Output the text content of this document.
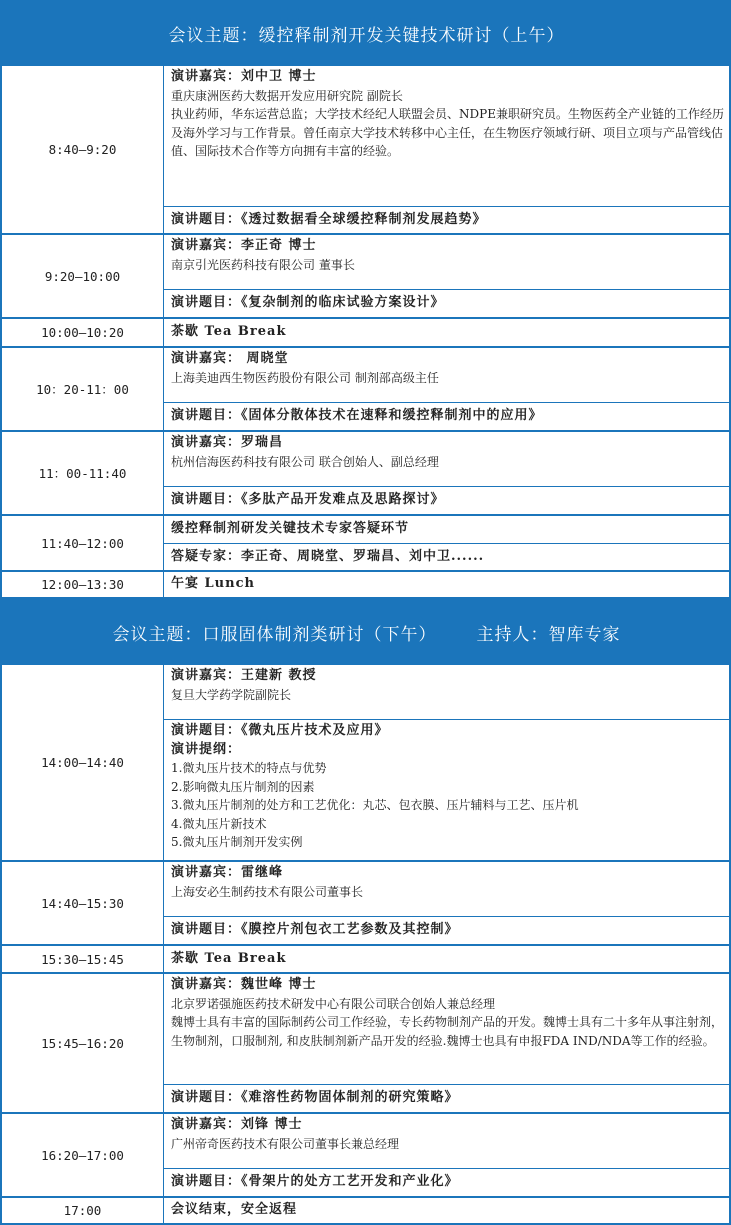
会议主题：缓控释制剂开发关键技术研讨（上午）
8:40—9:20
演讲嘉宾：刘中卫 博士
重庆康洲医药大数据开发应用研究院 副院长
执业药师，华东运营总监；大学技术经纪人联盟会员、NDPE兼职研究员。生物医药全产业链的工作经历及海外学习与工作背景。曾任南京大学技术转移中心主任，在生物医疗领域行研、项目立项与产品管线估值、国际技术合作等方向拥有丰富的经验。
演讲题目：《透过数据看全球缓控释制剂发展趋势》
9:20—10:00
演讲嘉宾：李正奇 博士
南京引光医药科技有限公司 董事长
演讲题目：《复杂制剂的临床试验方案设计》
10:00—10:20	茶歇 Tea Break
10：20-11：00
演讲嘉宾： 周晓堂
上海美迪西生物医药股份有限公司 制剂部高级主任
演讲题目：《固体分散体技术在速释和缓控释制剂中的应用》
11：00-11:40
演讲嘉宾：罗瑞昌
杭州信海医药科技有限公司 联合创始人、副总经理
演讲题目：《多肽产品开发难点及思路探讨》
11:40—12:00
缓控释制剂研发关键技术专家答疑环节
答疑专家：李正奇、周晓堂、罗瑞昌、刘中卫......
12:00—13:30	午宴 Lunch
会议主题：口服固体制剂类研讨（下午） 主持人：智库专家
14:00—14:40
演讲嘉宾：王建新 教授
复旦大学药学院副院长
演讲题目：《微丸压片技术及应用》
演讲提纲：
1.微丸压片技术的特点与优势
2.影响微丸压片制剂的因素
3.微丸压片制剂的处方和工艺优化：丸芯、包衣膜、压片辅料与工艺、压片机
4.微丸压片新技术
5.微丸压片制剂开发实例
14:40—15:30
演讲嘉宾：雷继峰
上海安必生制药技术有限公司董事长
演讲题目：《膜控片剂包衣工艺参数及其控制》
15:30—15:45	茶歇 Tea Break
15:45—16:20
演讲嘉宾：魏世峰 博士
北京罗诺强施医药技术研发中心有限公司联合创始人兼总经理
魏博士具有丰富的国际制药公司工作经验，专长药物制剂产品的开发。魏博士具有二十多年从事注射剂，生物制剂，口服制剂, 和皮肤制剂新产品开发的经验.魏博士也具有申报FDA IND/NDA等工作的经验。
演讲题目：《难溶性药物固体制剂的研究策略》
16:20—17:00
演讲嘉宾：刘锋 博士
广州帝奇医药技术有限公司董事长兼总经理
演讲题目：《骨架片的处方工艺开发和产业化》
17:00	会议结束，安全返程
